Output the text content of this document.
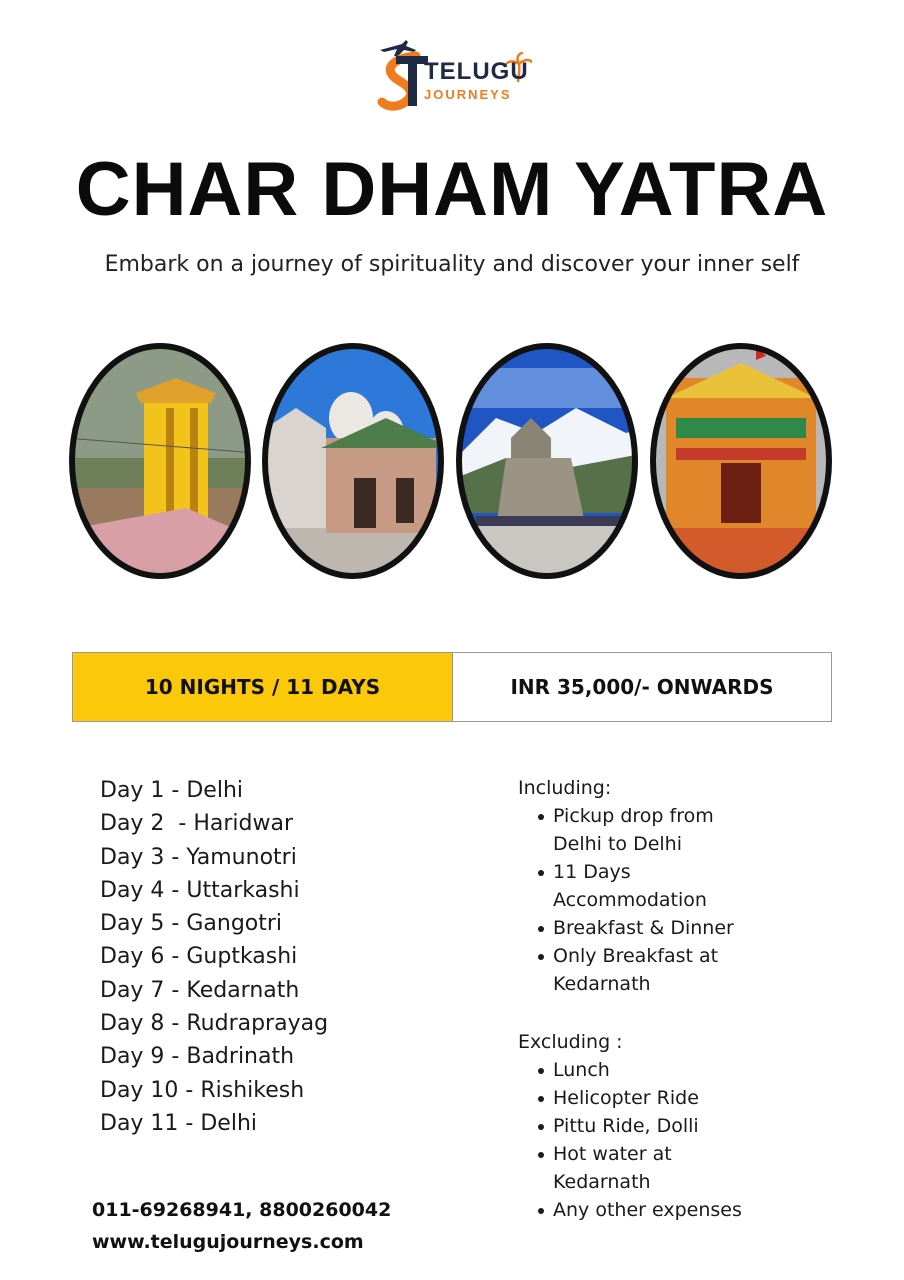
TELUGU
JOURNEYS
CHAR DHAM YATRA

Embark on a journey of spirituality and discover your inner self

10 NIGHTS / 11 DAYS	INR 35,000/- ONWARDS
Day 1 - Delhi
Day 2  - Haridwar
Day 3 - Yamunotri
Day 4 - Uttarkashi
Day 5 - Gangotri
Day 6 - Guptkashi
Day 7 - Kedarnath
Day 8 - Rudraprayag
Day 9 - Badrinath
Day 10 - Rishikesh
Day 11 - Delhi
Including:
Pickup drop from Delhi to Delhi
11 Days Accommodation
Breakfast & Dinner
Only Breakfast at Kedarnath
Excluding :
Lunch
Helicopter Ride
Pittu Ride, Dolli
Hot water at Kedarnath
Any other expenses
011-69268941, 8800260042
www.telugujourneys.com
